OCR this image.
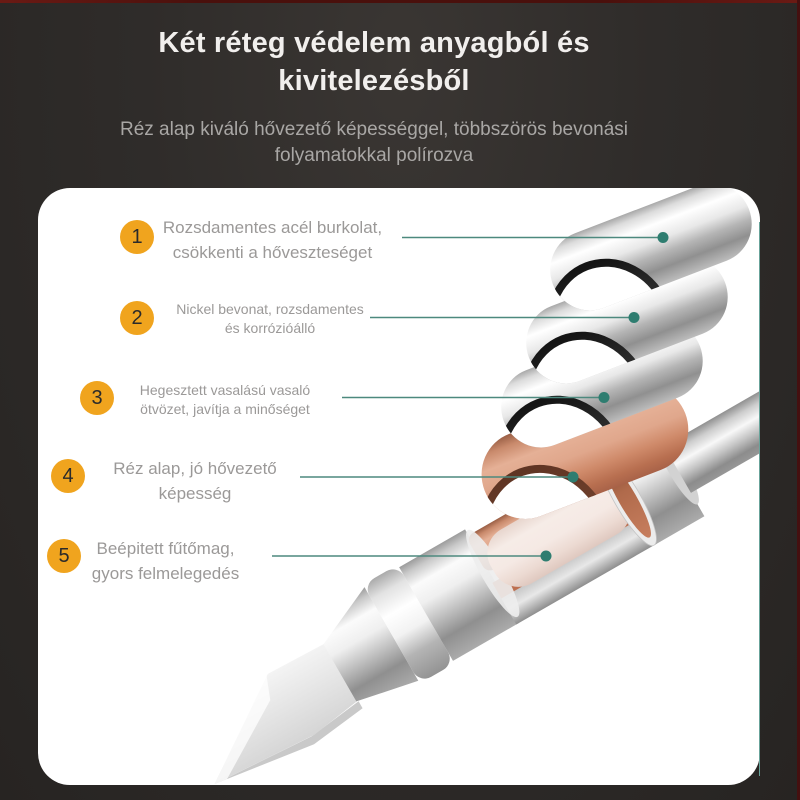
Két réteg védelem anyagból és
kivitelezésből
Réz alap kiváló hővezető képességgel, többszörös bevonási
folyamatokkal polírozva
1
2
3
4
5
Rozsdamentes acél burkolat,
csökkenti a hőveszteséget
Nickel bevonat, rozsdamentes
és korrózióálló
Hegesztett vasalású vasaló
ötvözet, javítja a minőséget
Réz alap, jó hővezető
képesség
Beépitett fűtőmag,
gyors felmelegedés
